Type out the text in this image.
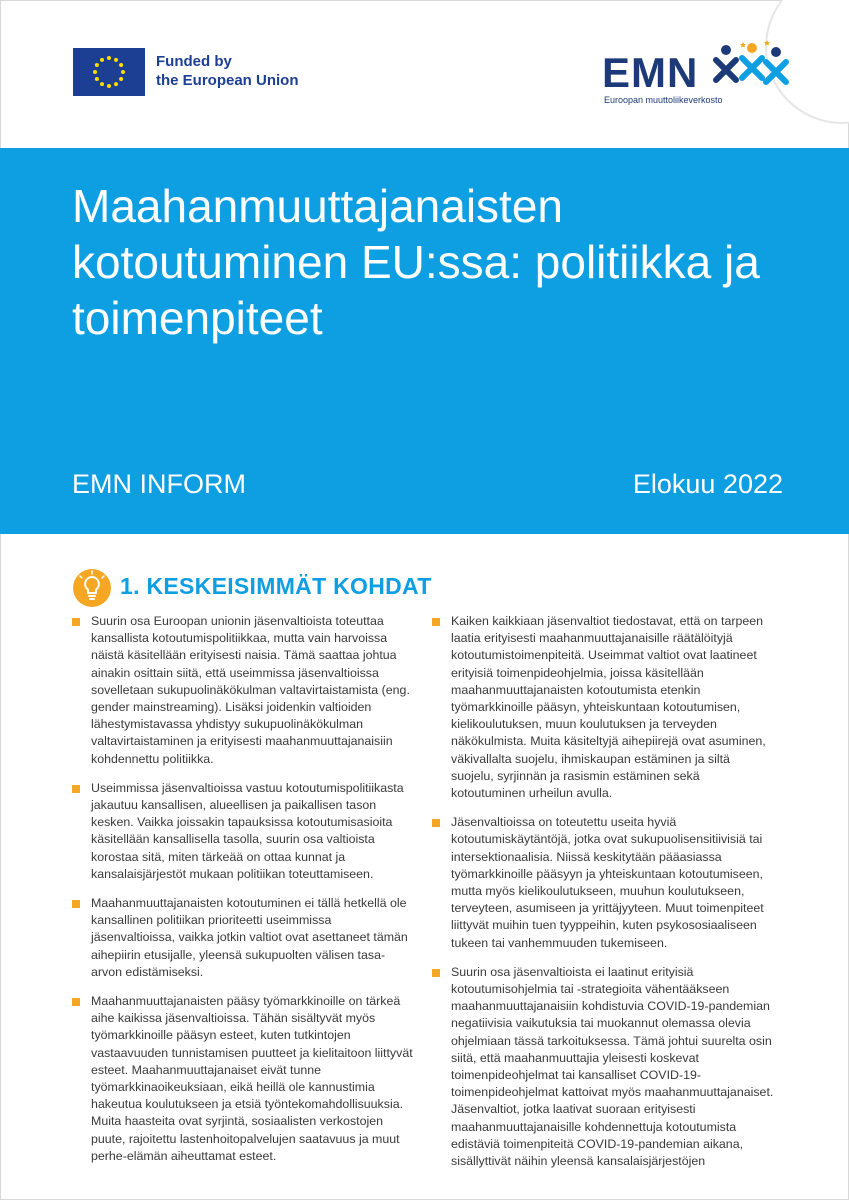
Funded by
the European Union	EMN
Euroopan muuttoliikeverkosto
Maahanmuuttajanaisten kotoutuminen EU:ssa: politiikka ja toimenpiteet
EMN INFORM	Elokuu 2022
1. KESKEISIMMÄT KOHDAT

Suurin osa Euroopan unionin jäsenvaltioista toteuttaa kansallista kotoutumispolitiikkaa, mutta vain harvoissa näistä käsitellään erityisesti naisia. Tämä saattaa johtua ainakin osittain siitä, että useimmissa jäsenvaltioissa sovelletaan sukupuolinäkökulman valtavirtaistamista (eng. gender mainstreaming). Lisäksi joidenkin valtioiden lähestymistavassa yhdistyy sukupuolinäkökulman valtavirtaistaminen ja erityisesti maahanmuuttajanaisiin kohdennettu politiikka.

Useimmissa jäsenvaltioissa vastuu kotoutumispolitiikasta jakautuu kansallisen, alueellisen ja paikallisen tason kesken. Vaikka joissakin tapauksissa kotoutumisasioita käsitellään kansallisella tasolla, suurin osa valtioista korostaa sitä, miten tärkeää on ottaa kunnat ja kansalaisjärjestöt mukaan politiikan toteuttamiseen.

Maahanmuuttajanaisten kotoutuminen ei tällä hetkellä ole kansallinen politiikan prioriteetti useimmissa jäsenvaltioissa, vaikka jotkin valtiot ovat asettaneet tämän aihepiirin etusijalle, yleensä sukupuolten välisen tasa-arvon edistämiseksi.

Maahanmuuttajanaisten pääsy työmarkkinoille on tärkeä aihe kaikissa jäsenvaltioissa. Tähän sisältyvät myös työmarkkinoille pääsyn esteet, kuten tutkintojen vastaavuuden tunnistamisen puutteet ja kielitaitoon liittyvät esteet. Maahanmuuttajanaiset eivät tunne työmarkkinaoikeuksiaan, eikä heillä ole kannustimia hakeutua koulutukseen ja etsiä työntekomahdollisuuksia. Muita haasteita ovat syrjintä, sosiaalisten verkostojen puute, rajoitettu lastenhoitopalvelujen saatavuus ja muut perhe-elämän aiheuttamat esteet.

Kaiken kaikkiaan jäsenvaltiot tiedostavat, että on tarpeen laatia erityisesti maahanmuuttajanaisille räätälöityjä kotoutumistoimenpiteitä. Useimmat valtiot ovat laatineet erityisiä toimenpideohjelmia, joissa käsitellään maahanmuuttajanaisten kotoutumista etenkin työmarkkinoille pääsyn, yhteiskuntaan kotoutumisen, kielikoulutuksen, muun koulutuksen ja terveyden näkökulmista. Muita käsiteltyjä aihepiirejä ovat asuminen, väkivallalta suojelu, ihmiskaupan estäminen ja siltä suojelu, syrjinnän ja rasismin estäminen sekä kotoutuminen urheilun avulla.

Jäsenvaltioissa on toteutettu useita hyviä kotoutumiskäytäntöjä, jotka ovat sukupuolisensitiivisiä tai intersektionaalisia. Niissä keskitytään pääasiassa työmarkkinoille pääsyyn ja yhteiskuntaan kotoutumiseen, mutta myös kielikoulutukseen, muuhun koulutukseen, terveyteen, asumiseen ja yrittäjyyteen. Muut toimenpiteet liittyvät muihin tuen tyyppeihin, kuten psykososiaaliseen tukeen tai vanhemmuuden tukemiseen.

Suurin osa jäsenvaltioista ei laatinut erityisiä kotoutumisohjelmia tai -strategioita vähentääkseen maahanmuuttajanaisiin kohdistuvia COVID-19-pandemian negatiivisia vaikutuksia tai muokannut olemassa olevia ohjelmiaan tässä tarkoituksessa. Tämä johtui suurelta osin siitä, että maahanmuuttajia yleisesti koskevat toimenpideohjelmat tai kansalliset COVID-19-toimenpideohjelmat kattoivat myös maahanmuuttajanaiset. Jäsenvaltiot, jotka laativat suoraan erityisesti maahanmuuttajanaisille kohdennettuja kotoutumista edistäviä toimenpiteitä COVID-19-pandemian aikana, sisällyttivät näihin yleensä kansalaisjärjestöjen
